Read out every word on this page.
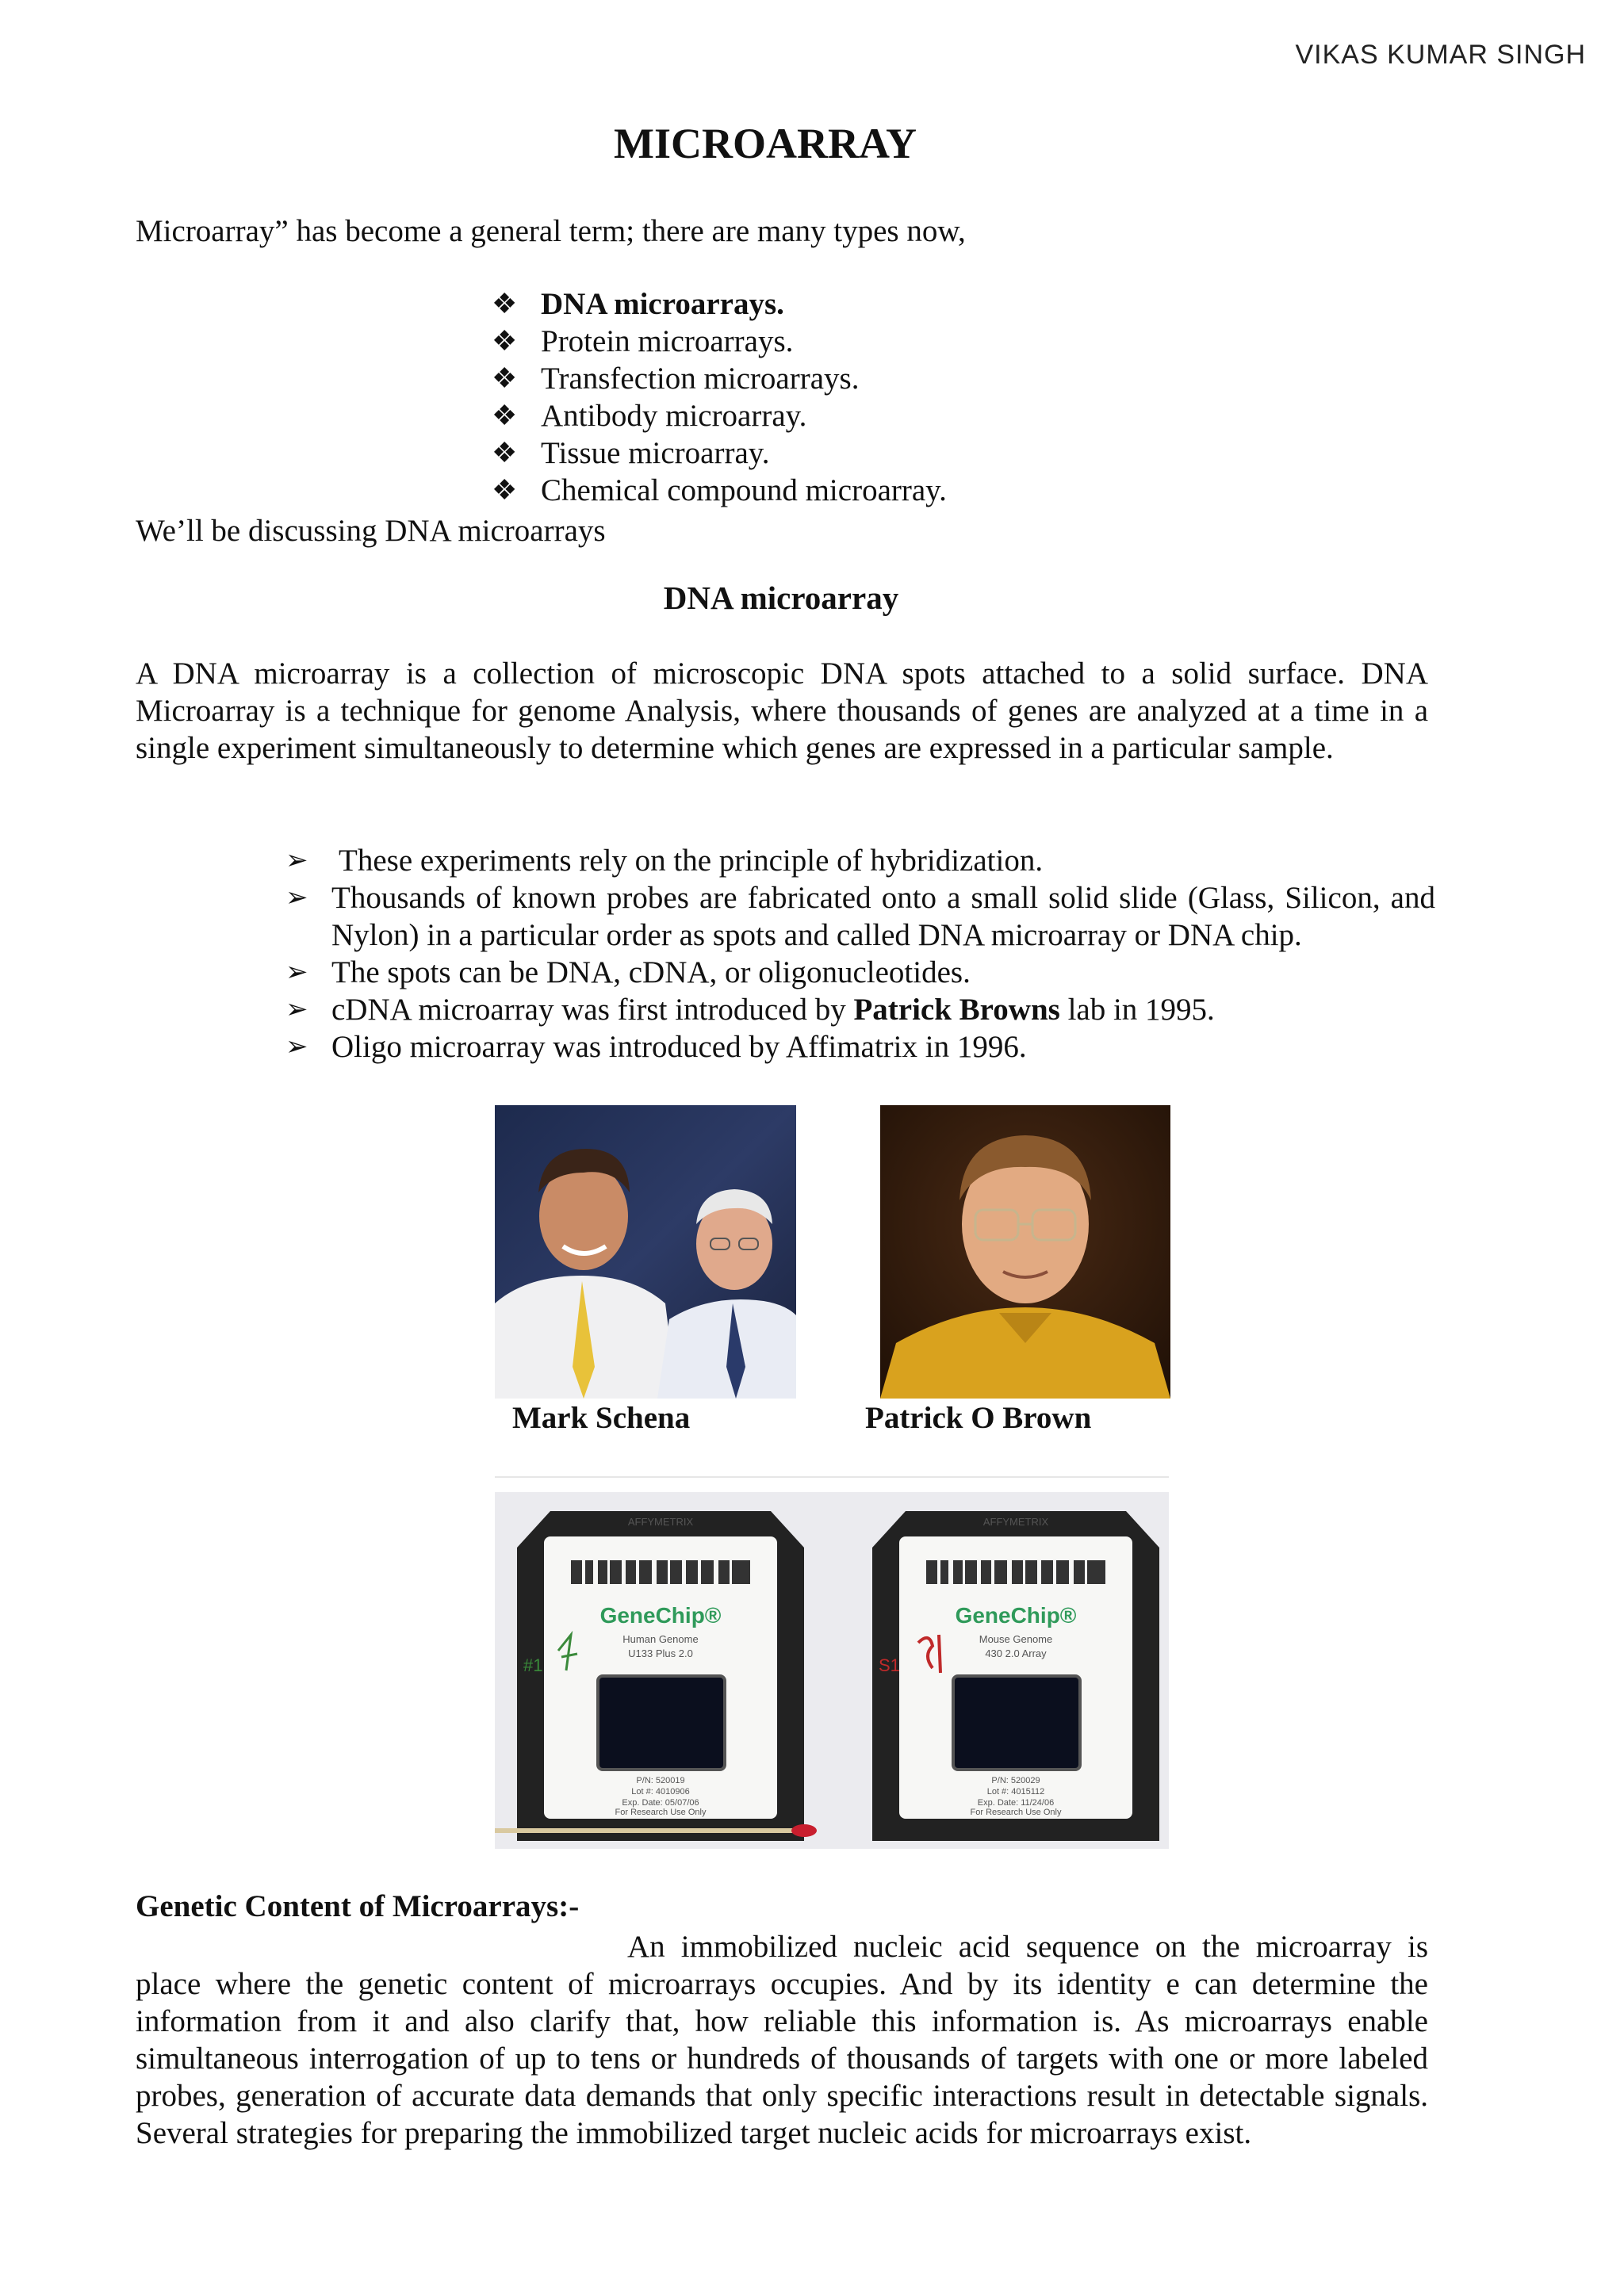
VIKAS KUMAR SINGH
MICROARRAY
Microarray” has become a general term; there are many types now,
❖ DNA microarrays.
❖ Protein microarrays.
❖ Transfection microarrays.
❖ Antibody microarray.
❖ Tissue microarray.
❖ Chemical compound microarray.
We’ll be discussing DNA microarrays
DNA microarray
A DNA microarray is a collection of microscopic DNA spots attached to a solid surface. DNA Microarray is a technique for genome Analysis, where thousands of genes are analyzed at a time in a single experiment simultaneously to determine which genes are expressed in a particular sample.
➢ These experiments rely on the principle of hybridization.
➢ Thousands of known probes are fabricated onto a small solid slide (Glass, Silicon, and Nylon) in a particular order as spots and called DNA microarray or DNA chip.
➢ The spots can be DNA, cDNA, or oligonucleotides.
➢ cDNA microarray was first introduced by Patrick Browns lab in 1995.
➢ Oligo microarray was introduced by Affimatrix in 1996.
Mark Schena	Patrick O Brown
AFFYMETRIX
GeneChip®
Human Genome
U133 Plus 2.0
P/N: 520019
Lot #: 4010906
Exp. Date: 05/07/06
For Research Use Only
AFFYMETRIX
GeneChip®
Mouse Genome
430 2.0 Array
P/N: 520029
Lot #: 4015112
Exp. Date: 11/24/06
For Research Use Only
#1	S1
Genetic Content of Microarrays:-
An immobilized nucleic acid sequence on the microarray is place where the genetic content of microarrays occupies. And by its identity e can determine the information from it and also clarify that, how reliable this information is. As microarrays enable simultaneous interrogation of up to tens or hundreds of thousands of targets with one or more labeled probes, generation of accurate data demands that only specific interactions result in detectable signals. Several strategies for preparing the immobilized target nucleic acids for microarrays exist.
